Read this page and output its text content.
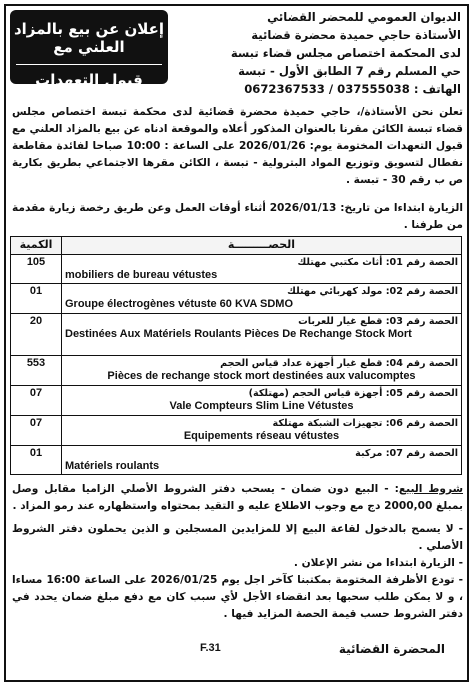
إعلان عن بيع بالمزاد العلني مع
قبول التعهدات المختومة
الديوان العمومي للمحضر القضائي
الأستاذة حاجي حميدة محضرة قضائية
لدى المحكمة اختصاص مجلس قضاء تبسة
حي المسلم رقم 7 الطابق الأول - تبسة
الهاتف : 037555038 / 0672367533
تعلن نحن الأستاذة/، حاجي حميدة محضرة قضائية لدى محكمة تبسة اختصاص مجلس قضاء تبسة الكائن مقرنا بالعنوان المذكور أعلاه والموقعة ادناه عن بيع بالمزاد العلني مع قبول التعهدات المختومة يوم: 2026/01/26 على الساعة : 10:00 صباحا لفائدة مقاطعة نفطال لتسويق وتوزيع المواد البترولية - تبسة ، الكائن مقرها الاجتماعي بطريق بكارية ص ب رقم 30 - تبسة .
الزيارة ابتداءا من تاريخ: 2026/01/13 أثناء أوقات العمل وعن طريق رخصة زيارة مقدمة من طرفنا .
الحصـــــــــة	الكمية

الحصة رقم 01: أثاث مكتبي مهتلك
mobiliers de bureau vétustes	105

الحصة رقم 02: مولد كهربائي مهتلك
Groupe électrogènes vétuste 60 KVA SDMO	01

الحصة رقم 03: قطع غيار للعربات
Destinées Aux Matériels Roulants Pièces De Rechange Stock Mort	20

الحصة رقم 04: قطع غيار أجهزة عداد قياس الحجم
Pièces de rechange stock mort destinées aux valucomptes	553

الحصة رقم 05: أجهزة قياس الحجم (مهتلكة)
Vale Compteurs Slim Line Vétustes	07

الحصة رقم 06: تجهيزات الشبكة مهتلكة
Equipements réseau vétustes	07

الحصة رقم 07: مركبة
Matériels roulants	01
شروط البيع: - البيع دون ضمان - يسحب دفتر الشروط الأصلي الزاميا مقابل وصل بمبلغ 2000,00 دج مع وجوب الاطلاع عليه و التقيد بمحتواه واستظهاره عند رمو المزاد .
- لا يسمح بالدخول لقاعة البيع إلا للمزايدين المسجلين و الذين يحملون دفتر الشروط الأصلي .
- الزيارة ابتداءا من نشر الإعلان .
- تودع الأظرفة المختومة بمكتبنا كآخر اجل يوم 2026/01/25 على الساعة 16:00 مساءا ، و لا يمكن طلب سحبها بعد انقضاء الأجل لأي سبب كان مع دفع مبلغ ضمان يحدد في دفتر الشروط حسب قيمة الحصة المزايد فيها .
المحضرة القضائية
F.31
